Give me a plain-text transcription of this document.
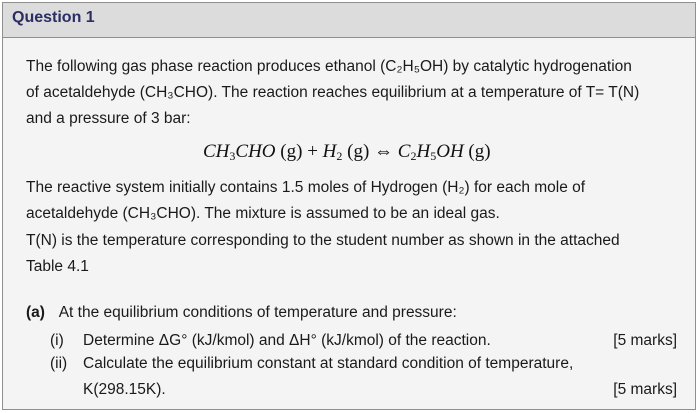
Question 1
The following gas phase reaction produces ethanol (C₂H₅OH) by catalytic hydrogenation
of acetaldehyde (CH₃CHO). The reaction reaches equilibrium at a temperature of T= T(N)
and a pressure of 3 bar:
$CH_3CHO$ $(g) + H_2$ (g) ⇔ $C_2H_5OH$ (g)
The reactive system initially contains 1.5 moles of Hydrogen (H₂) for each mole of
acetaldehyde (CH₃CHO). The mixture is assumed to be an ideal gas.
T(N) is the temperature corresponding to the student number as shown in the attached
Table 4.1
(a) At the equilibrium conditions of temperature and pressure:
(i) Determine ΔG° (kJ/kmol) and ΔH° (kJ/kmol) of the reaction.	[5 marks]
(ii) Calculate the equilibrium constant at standard condition of temperature,
K(298.15K).	[5 marks]
